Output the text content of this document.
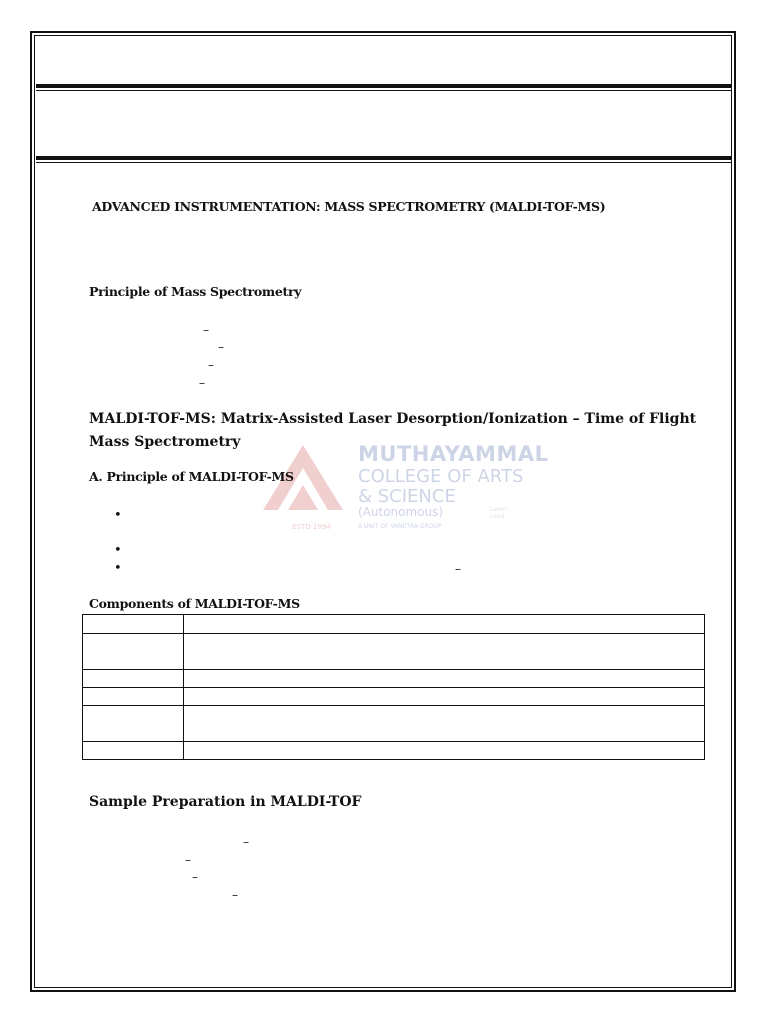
ADVANCED INSTRUMENTATION: MASS SPECTROMETRY (MALDI-TOF-MS)
Principle of Mass Spectrometry
–
–
–
–
MUTHAYAMMAL
COLLEGE OF ARTS
& SCIENCE
(Autonomous)
ESTD-1994	A UNIT OF VANETRA GROUP
Learn.
Lead.
MALDI-TOF-MS: Matrix-Assisted Laser Desorption/Ionization – Time of Flight
Mass Spectrometry
A. Principle of MALDI-TOF-MS
•
•
•	–
Components of MALDI-TOF-MS

Sample Preparation in MALDI-TOF
–
–
–
–
